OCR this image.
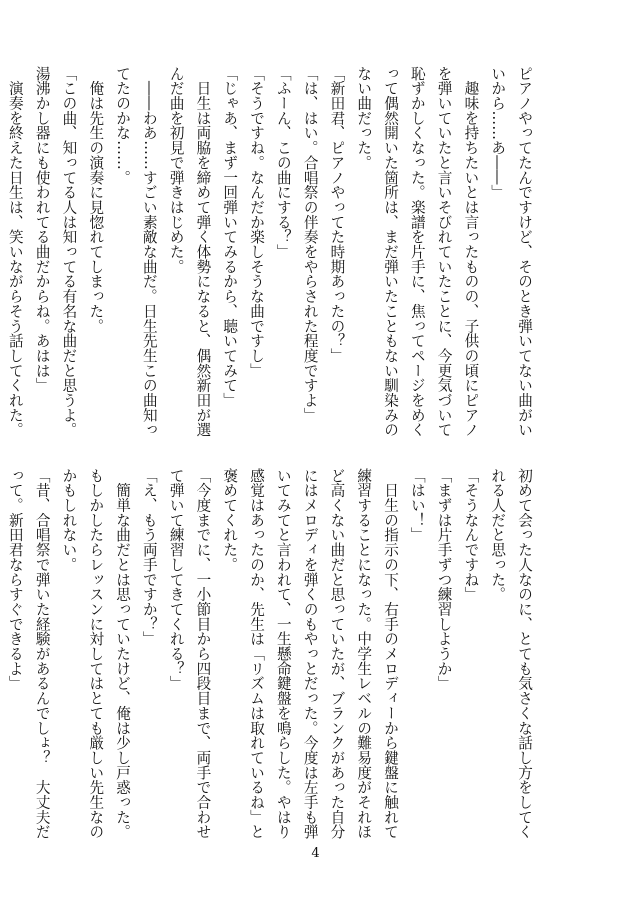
ピアノやってたんですけど、そのとき弾いてない曲がい
いから……あ――」
　趣味を持ちたいとは言ったものの、子供の頃にピアノ
を弾いていたと言いそびれていたことに、今更気づいて
恥ずかしくなった。楽譜を片手に、焦ってページをめく
って偶然開いた箇所は、まだ弾いたこともない馴染みの
ない曲だった。
「新田君、ピアノやってた時期あったの？」
「は、はい。合唱祭の伴奏をやらされた程度ですよ」
「ふーん、この曲にする？」
「そうですね。なんだか楽しそうな曲ですし」
「じゃあ、まず一回弾いてみるから、聴いてみて」
　日生は両脇を締めて弾く体勢になると、偶然新田が選
んだ曲を初見で弾きはじめた。
　――わあ……すごい素敵な曲だ。日生先生この曲知っ
てたのかな……。
　俺は先生の演奏に見惚れてしまった。
「この曲、知ってる人は知ってる有名な曲だと思うよ。
湯沸かし器にも使われてる曲だからね。あはは」
　演奏を終えた日生は、笑いながらそう話してくれた。
初めて会った人なのに、とても気さくな話し方をしてく
れる人だと思った。
「そうなんですね」
「まずは片手ずつ練習しようか」
「はい！」
　日生の指示の下、右手のメロディーから鍵盤に触れて
練習することになった。中学生レベルの難易度がそれほ
ど高くない曲だと思っていたが、ブランクがあった自分
にはメロディを弾くのもやっとだった。今度は左手も弾
いてみてと言われて、一生懸命鍵盤を鳴らした。やはり
感覚はあったのか、先生は「リズムは取れているね」と
褒めてくれた。
「今度までに、一小節目から四段目まで、両手で合わせ
て弾いて練習してきてくれる？」
「え、もう両手ですか？」
　簡単な曲だとは思っていたけど、俺は少し戸惑った。
もしかしたらレッスンに対してはとても厳しい先生なの
かもしれない。
「昔、合唱祭で弾いた経験があるんでしょ？　大丈夫だ
って。新田君ならすぐできるよ」
4
